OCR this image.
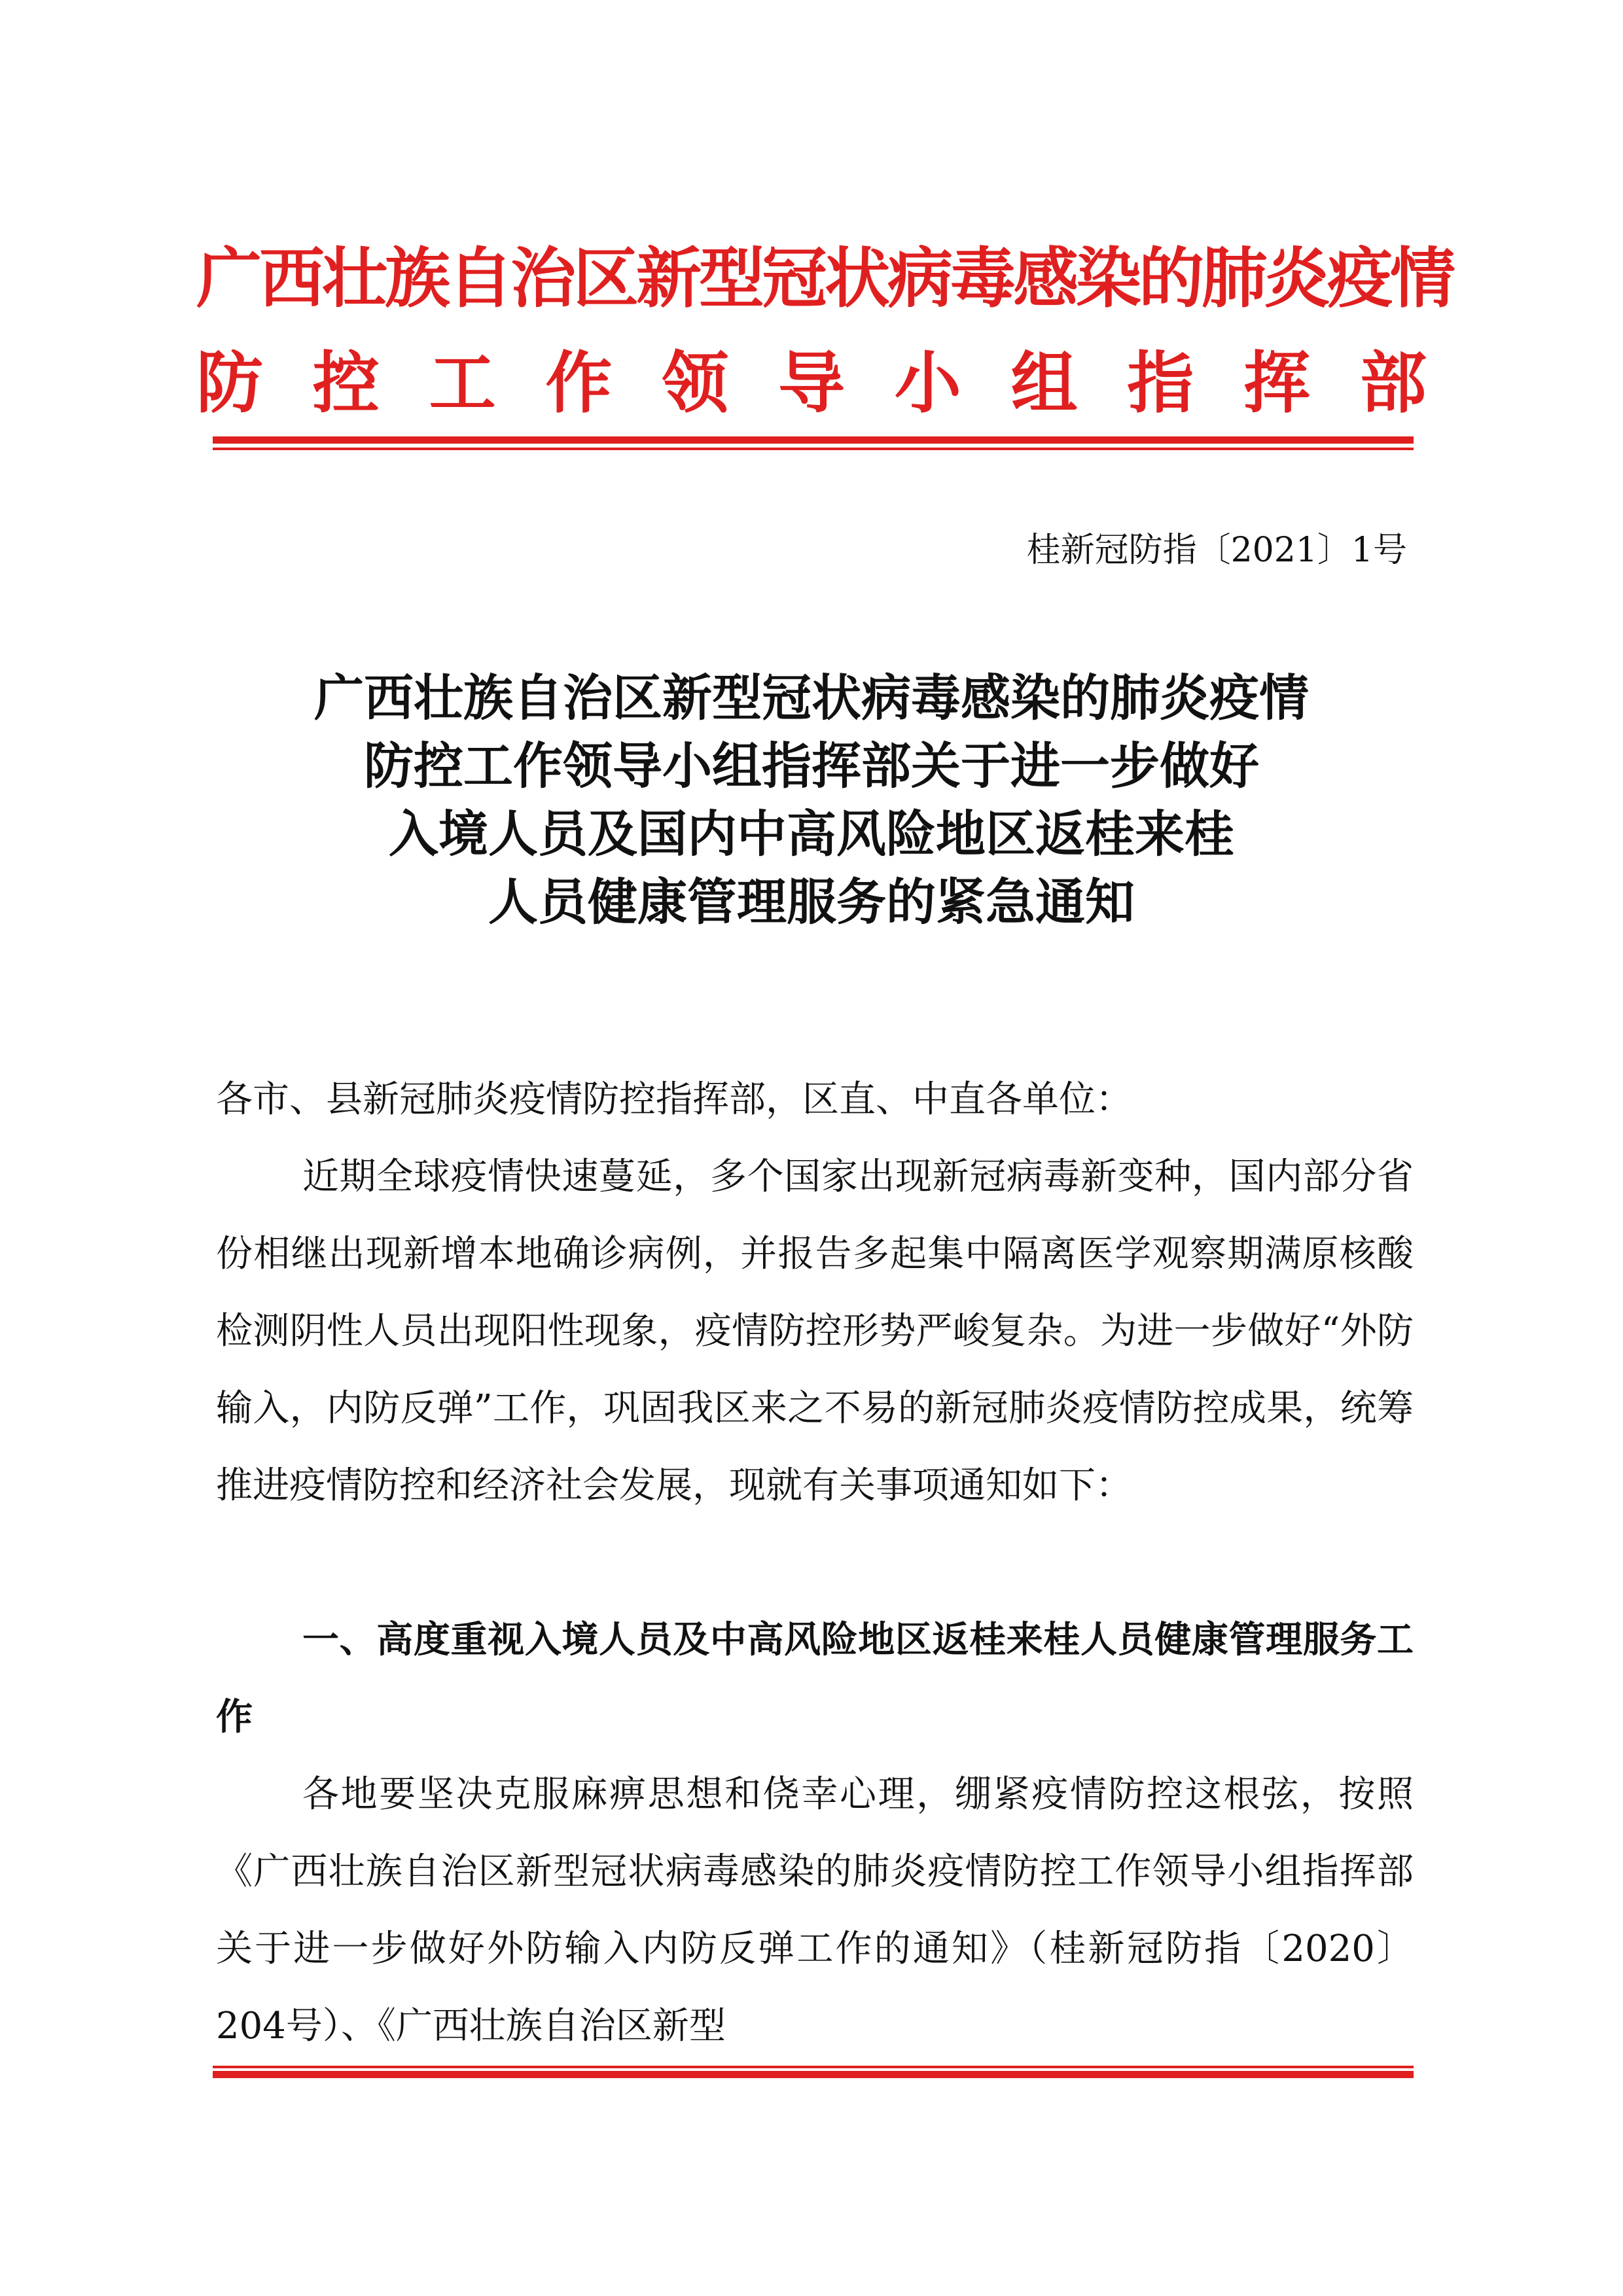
广西壮族自治区新型冠状病毒感染的肺炎疫情
防控工作领导小组指挥部
桂新冠防指〔2021〕1号
广西壮族自治区新型冠状病毒感染的肺炎疫情
防控工作领导小组指挥部关于进一步做好
入境人员及国内中高风险地区返桂来桂
人员健康管理服务的紧急通知
各市、县新冠肺炎疫情防控指挥部，区直、中直各单位：
近期全球疫情快速蔓延，多个国家出现新冠病毒新变种，国内部分省份相继出现新增本地确诊病例，并报告多起集中隔离医学观察期满原核酸检测阴性人员出现阳性现象，疫情防控形势严峻复杂。为进一步做好“外防输入，内防反弹”工作，巩固我区来之不易的新冠肺炎疫情防控成果，统筹推进疫情防控和经济社会发展，现就有关事项通知如下：
一、高度重视入境人员及中高风险地区返桂来桂人员健康管理服务工作
各地要坚决克服麻痹思想和侥幸心理，绷紧疫情防控这根弦，按照《广西壮族自治区新型冠状病毒感染的肺炎疫情防控工作领导小组指挥部关于进一步做好外防输入内防反弹工作的通知》（桂新冠防指〔2020〕204号）、《广西壮族自治区新型
